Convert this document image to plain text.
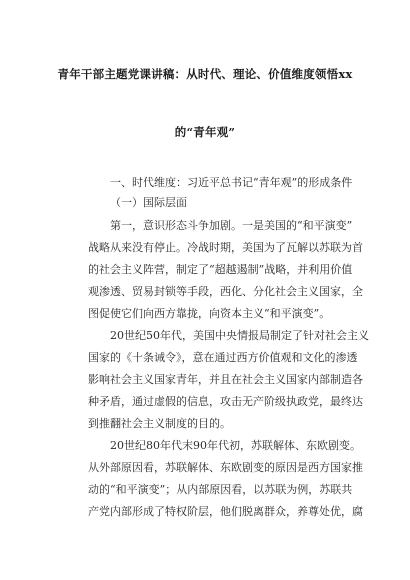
青年干部主题党课讲稿：从时代、理论、价值维度领悟xx
的“青年观”
一、时代维度：习近平总书记“青年观”的形成条件
（一）国际层面
第一，意识形态斗争加剧。一是美国的“和平演变”
战略从来没有停止。冷战时期，美国为了瓦解以苏联为首
的社会主义阵营，制定了“超越遏制”战略，并利用价值
观渗透、贸易封锁等手段，西化、分化社会主义国家，全
图促使它们向西方靠拢，向资本主义“和平演变”。
20世纪50年代，美国中央情报局制定了针对社会主义
国家的《十条诫令》，意在通过西方价值观和文化的渗透
影响社会主义国家青年，并且在社会主义国家内部制造各
种矛盾，通过虚假的信息，攻击无产阶级执政党，最终达
到推翻社会主义制度的目的。
20世纪80年代末90年代初，苏联解体、东欧剧变。
从外部原因看，苏联解体、东欧剧变的原因是西方国家推
动的“和平演变”；从内部原因看，以苏联为例，苏联共
产党内部形成了特权阶层，他们脱离群众，养尊处优，腐
